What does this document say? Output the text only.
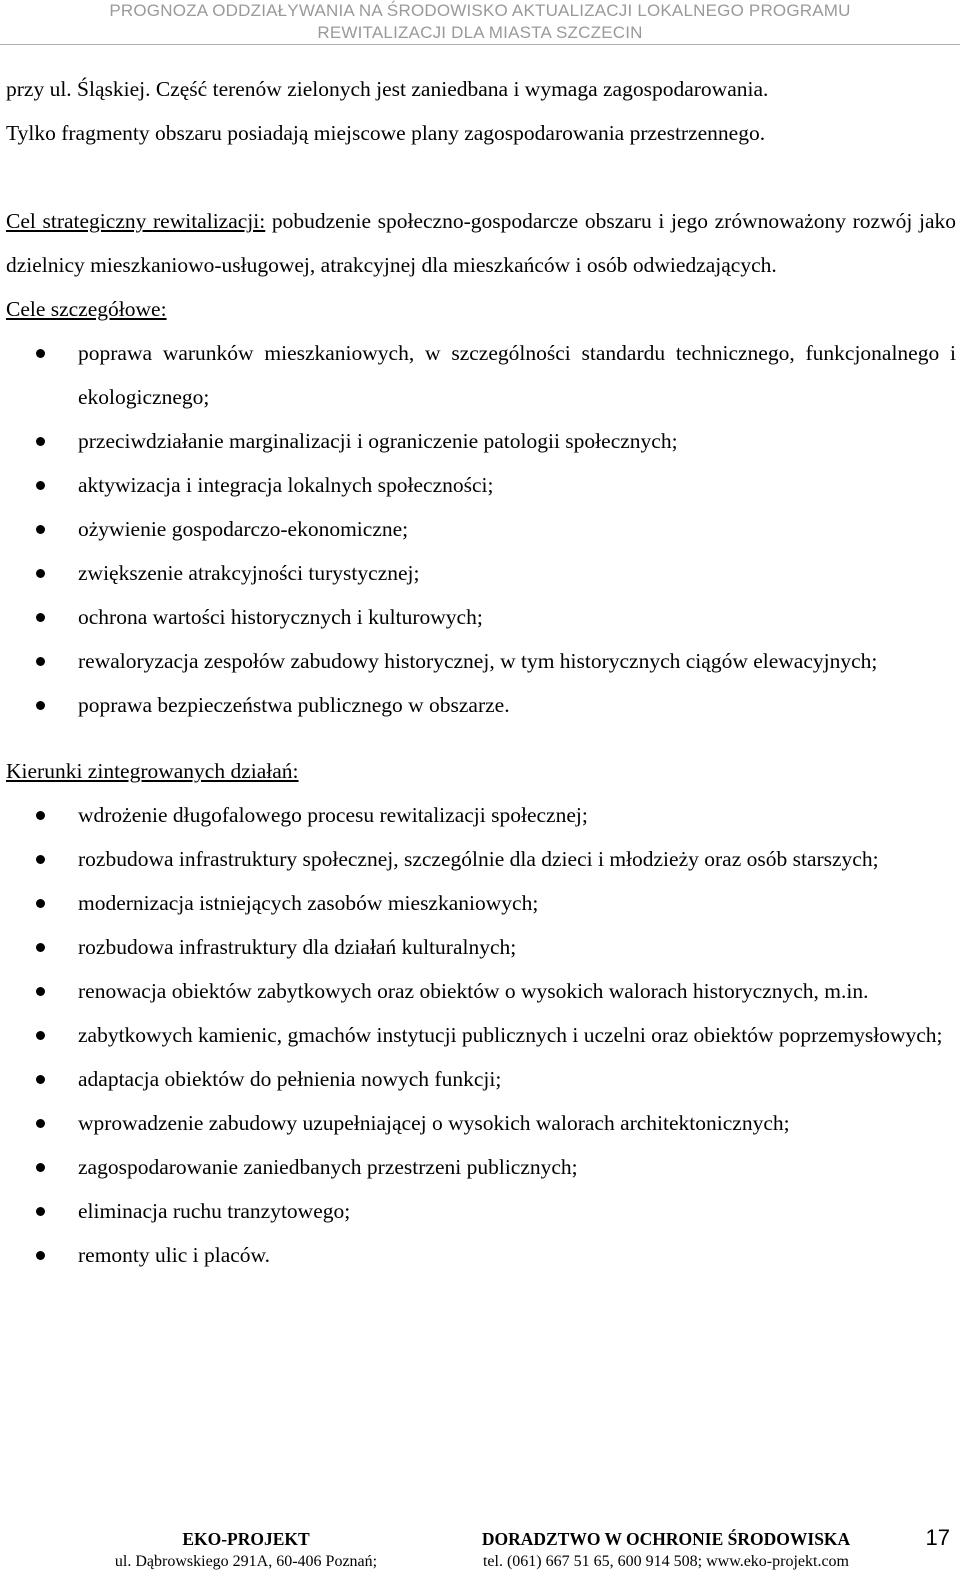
PROGNOZA ODDZIAŁYWANIA NA ŚRODOWISKO AKTUALIZACJI LOKALNEGO PROGRAMU
REWITALIZACJI DLA MIASTA SZCZECIN

przy ul. Śląskiej. Część terenów zielonych jest zaniedbana i wymaga zagospodarowania.

Tylko fragmenty obszaru posiadają miejscowe plany zagospodarowania przestrzennego.

Cel strategiczny rewitalizacji: pobudzenie społeczno-gospodarcze obszaru i jego zrównoważony rozwój jako dzielnicy mieszkaniowo-usługowej, atrakcyjnej dla mieszkańców i osób odwiedzających.

Cele szczegółowe:

poprawa warunków mieszkaniowych, w szczególności standardu technicznego, funkcjonalnego i ekologicznego;
przeciwdziałanie marginalizacji i ograniczenie patologii społecznych;
aktywizacja i integracja lokalnych społeczności;
ożywienie gospodarczo-ekonomiczne;
zwiększenie atrakcyjności turystycznej;
ochrona wartości historycznych i kulturowych;
rewaloryzacja zespołów zabudowy historycznej, w tym historycznych ciągów elewacyjnych;
poprawa bezpieczeństwa publicznego w obszarze.

Kierunki zintegrowanych działań:

wdrożenie długofalowego procesu rewitalizacji społecznej;
rozbudowa infrastruktury społecznej, szczególnie dla dzieci i młodzieży oraz osób starszych;
modernizacja istniejących zasobów mieszkaniowych;
rozbudowa infrastruktury dla działań kulturalnych;
renowacja obiektów zabytkowych oraz obiektów o wysokich walorach historycznych, m.in.
zabytkowych kamienic, gmachów instytucji publicznych i uczelni oraz obiektów poprzemysłowych;
adaptacja obiektów do pełnienia nowych funkcji;
wprowadzenie zabudowy uzupełniającej o wysokich walorach architektonicznych;
zagospodarowanie zaniedbanych przestrzeni publicznych;
eliminacja ruchu tranzytowego;
remonty ulic i placów.
EKO-PROJEKT
ul. Dąbrowskiego 291A, 60-406 Poznań;
DORADZTWO W OCHRONIE ŚRODOWISKA
tel. (061) 667 51 65, 600 914 508; www.eko-projekt.com
17
